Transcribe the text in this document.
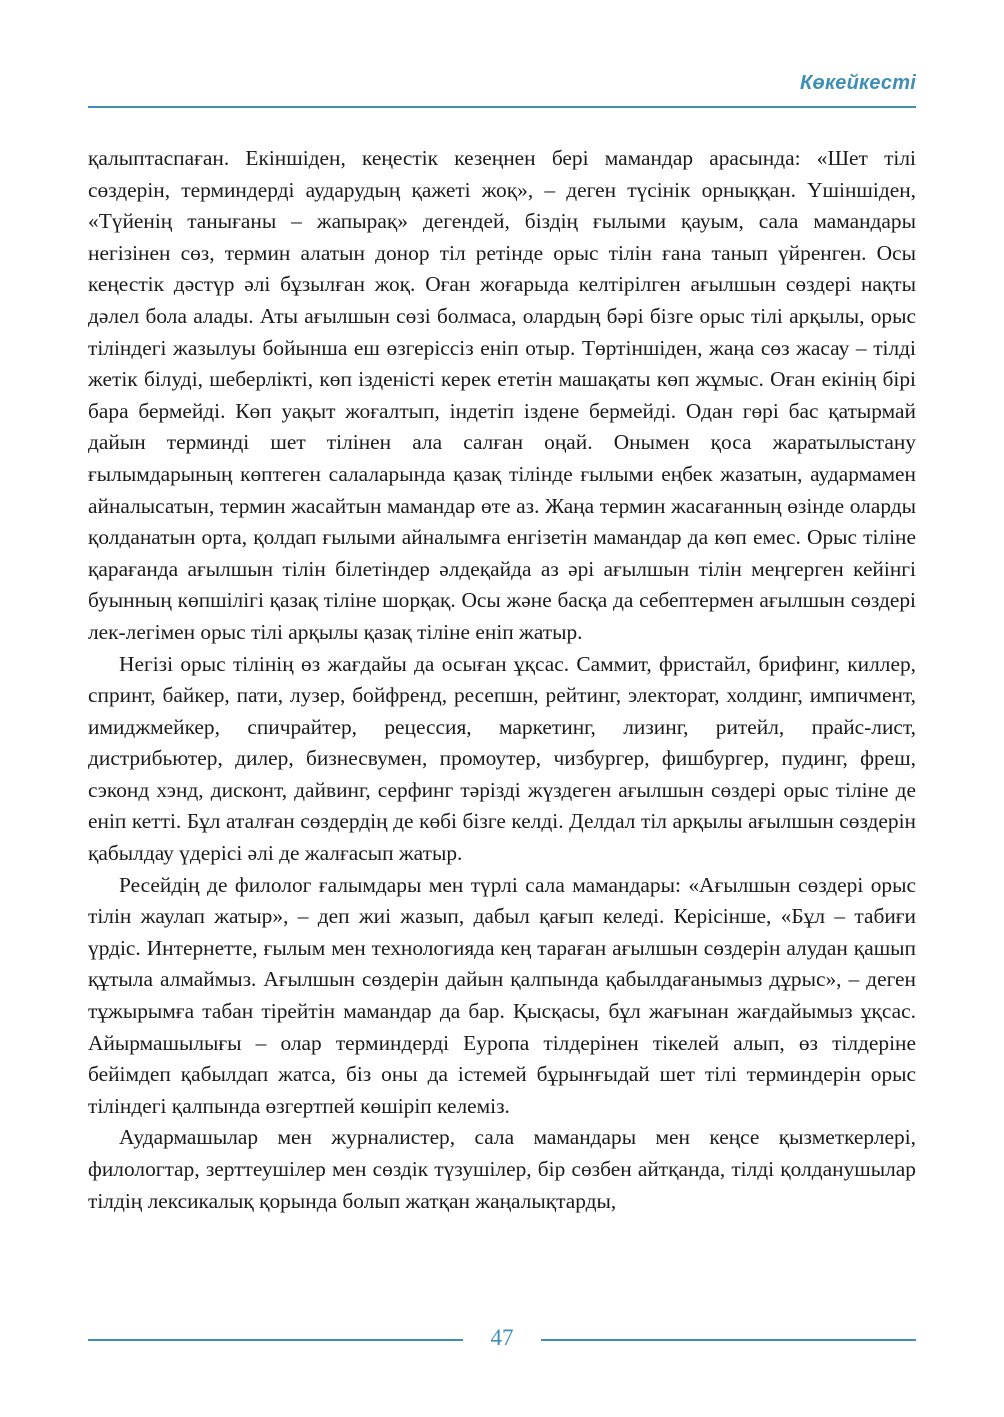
Көкейкесті

қалыптаспаған. Екіншіден, кеңестік кезеңнен бері мамандар арасында: «Шет тілі сөздерін, терминдерді аударудың қажеті жоқ», – деген түсінік орныққан. Үшіншіден, «Түйенің танығаны – жапырақ» дегендей, біздің ғылыми қауым, сала мамандары негізінен сөз, термин алатын донор тіл ретінде орыс тілін ғана танып үйренген. Осы кеңестік дәстүр әлі бұзылған жоқ. Оған жоғарыда келтірілген ағылшын сөздері нақты дәлел бола алады. Аты ағылшын сөзі болмаса, олардың бәрі бізге орыс тілі арқылы, орыс тіліндегі жазылуы бойынша еш өзгеріссіз еніп отыр. Төртіншіден, жаңа сөз жасау – тілді жетік білуді, шеберлікті, көп ізденісті керек ететін машақаты көп жұмыс. Оған екінің бірі бара бермейді. Көп уақыт жоғалтып, індетіп іздене бермейді. Одан гөрі бас қатырмай дайын терминді шет тілінен ала салған оңай. Онымен қоса жаратылыстану ғылымдарының көптеген салаларында қазақ тілінде ғылыми еңбек жазатын, аудармамен айналысатын, термин жасайтын мамандар өте аз. Жаңа термин жасағанның өзінде оларды қолданатын орта, қолдап ғылыми айналымға енгізетін мамандар да көп емес. Орыс тіліне қарағанда ағылшын тілін білетіндер әлдеқайда аз әрі ағылшын тілін меңгерген кейінгі буынның көпшілігі қазақ тіліне шорқақ. Осы және басқа да себептермен ағылшын сөздері лек-легімен орыс тілі арқылы қазақ тіліне еніп жатыр.

Негізі орыс тілінің өз жағдайы да осыған ұқсас. Саммит, фристайл, брифинг, киллер, спринт, байкер, пати, лузер, бойфренд, ресепшн, рейтинг, электорат, холдинг, импичмент, имиджмейкер, спичрайтер, рецессия, маркетинг, лизинг, ритейл, прайс-лист, дистрибьютер, дилер, бизнесвумен, промоутер, чизбургер, фишбургер, пудинг, фреш, сэконд хэнд, дисконт, дайвинг, серфинг тәрізді жүздеген ағылшын сөздері орыс тіліне де еніп кетті. Бұл аталған сөздердің де көбі бізге келді. Делдал тіл арқылы ағылшын сөздерін қабылдау үдерісі әлі де жалғасып жатыр.

Ресейдің де филолог ғалымдары мен түрлі сала мамандары: «Ағылшын сөздері орыс тілін жаулап жатыр», – деп жиі жазып, дабыл қағып келеді. Керісінше, «Бұл – табиғи үрдіс. Интернетте, ғылым мен технологияда кең тараған ағылшын сөздерін алудан қашып құтыла алмаймыз. Ағылшын сөздерін дайын қалпында қабылдағанымыз дұрыс», – деген тұжырымға табан тірейтін мамандар да бар. Қысқасы, бұл жағынан жағдайымыз ұқсас. Айырмашылығы – олар терминдерді Еуропа тілдерінен тікелей алып, өз тілдеріне бейімдеп қабылдап жатса, біз оны да істемей бұрынғыдай шет тілі терминдерін орыс тіліндегі қалпында өзгертпей көшіріп келеміз.

Аудармашылар мен журналистер, сала мамандары мен кеңсе қызметкерлері, филологтар, зерттеушілер мен сөздік түзушілер, бір сөзбен айтқанда, тілді қолданушылар тілдің лексикалық қорында болып жатқан жаңалықтарды,

47
